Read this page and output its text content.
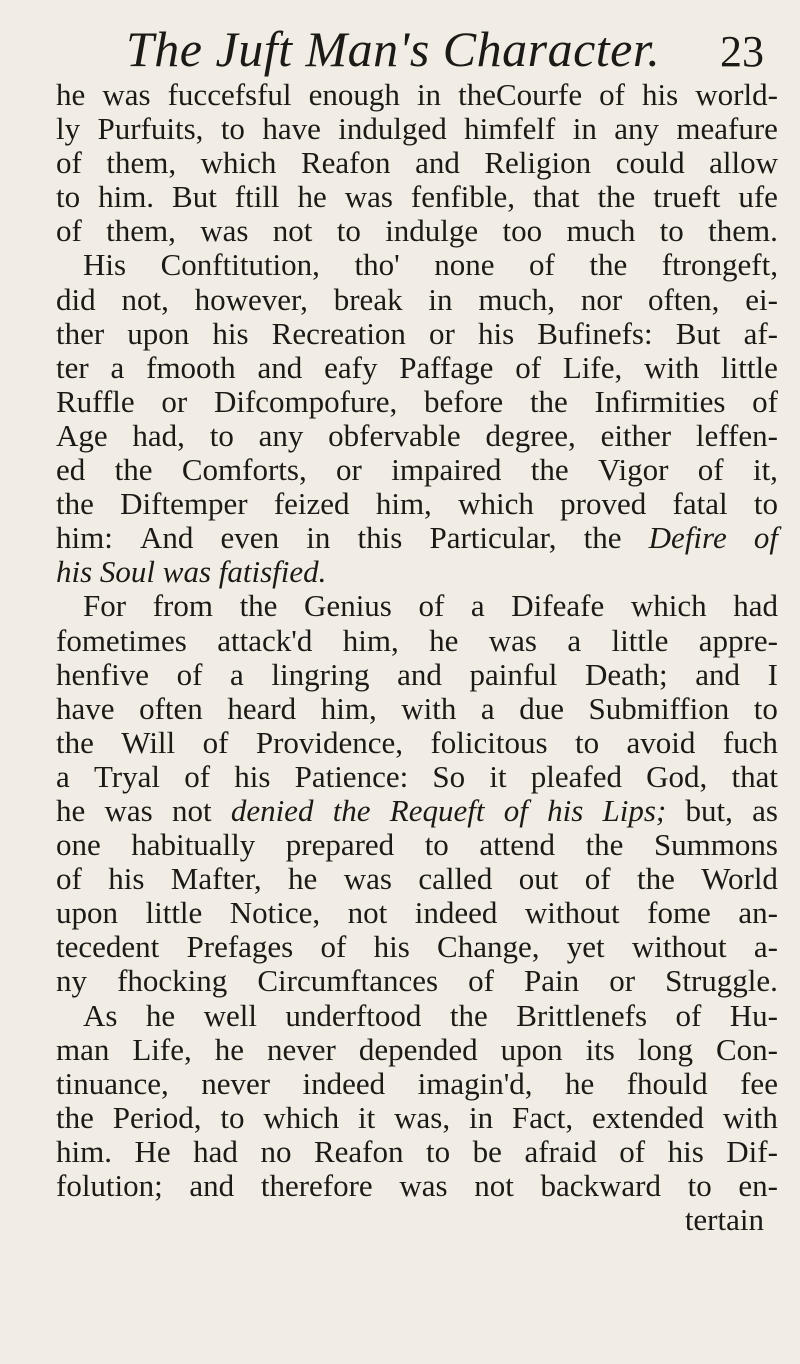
The Juft Man's Character. 23
he was fuccefsful enough in theCourfe of his world-
ly Purfuits, to have indulged himfelf in any meafure
of them, which Reafon and Religion could allow
to him. But ftill he was fenfible, that the trueft ufe
of them, was not to indulge too much to them.
His Conftitution, tho' none of the ftrongeft,
did not, however, break in much, nor often, ei-
ther upon his Recreation or his Bufinefs: But af-
ter a fmooth and eafy Paffage of Life, with little
Ruffle or Difcompofure, before the Infirmities of
Age had, to any obfervable degree, either leffen-
ed the Comforts, or impaired the Vigor of it,
the Diftemper feized him, which proved fatal to
him: And even in this Particular, the Defire of
his Soul was fatisfied.
For from the Genius of a Difeafe which had
fometimes attack'd him, he was a little appre-
henfive of a lingring and painful Death; and I
have often heard him, with a due Submiffion to
the Will of Providence, folicitous to avoid fuch
a Tryal of his Patience: So it pleafed God, that
he was not denied the Requeft of his Lips; but, as
one habitually prepared to attend the Summons
of his Mafter, he was called out of the World
upon little Notice, not indeed without fome an-
tecedent Prefages of his Change, yet without a-
ny fhocking Circumftances of Pain or Struggle.
As he well underftood the Brittlenefs of Hu-
man Life, he never depended upon its long Con-
tinuance, never indeed imagin'd, he fhould fee
the Period, to which it was, in Fact, extended with
him. He had no Reafon to be afraid of his Dif-
folution; and therefore was not backward to en-
tertain
